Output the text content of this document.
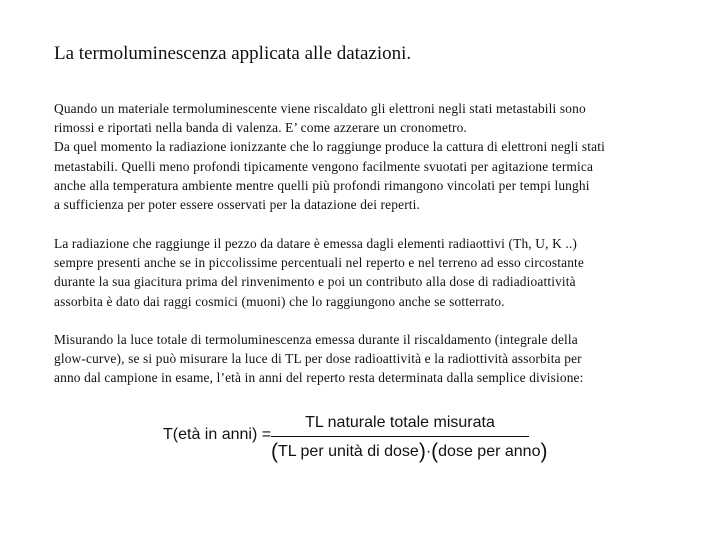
La termoluminescenza applicata alle datazioni.
Quando un materiale termoluminescente viene riscaldato gli elettroni negli stati metastabili sono
rimossi e riportati nella banda di valenza. E’ come azzerare un cronometro.
Da quel momento la radiazione ionizzante che lo raggiunge produce la cattura di elettroni negli stati
metastabili. Quelli meno profondi tipicamente vengono facilmente svuotati per agitazione termica
anche alla temperatura ambiente mentre quelli più profondi rimangono vincolati per tempi lunghi
a sufficienza per poter essere osservati per la datazione dei reperti.
La radiazione che raggiunge il pezzo da datare è emessa dagli elementi radiaottivi (Th, U, K ..)
sempre presenti anche se in piccolissime percentuali nel reperto e nel terreno ad esso circostante
durante la sua giacitura prima del rinvenimento e poi un contributo alla dose di radiadioattività
assorbita è dato dai raggi cosmici (muoni) che lo raggiungono anche se sotterrato.
Misurando la luce totale di termoluminescenza emessa durante il riscaldamento (integrale della
glow-curve), se si può misurare la luce di TL per dose radioattività e la radiottività assorbita per
anno dal campione in esame, l’età in anni del reperto resta determinata dalla semplice divisione:
T(età in anni) =
TL naturale totale misurata
(TL per unità di dose)·(dose per anno)
